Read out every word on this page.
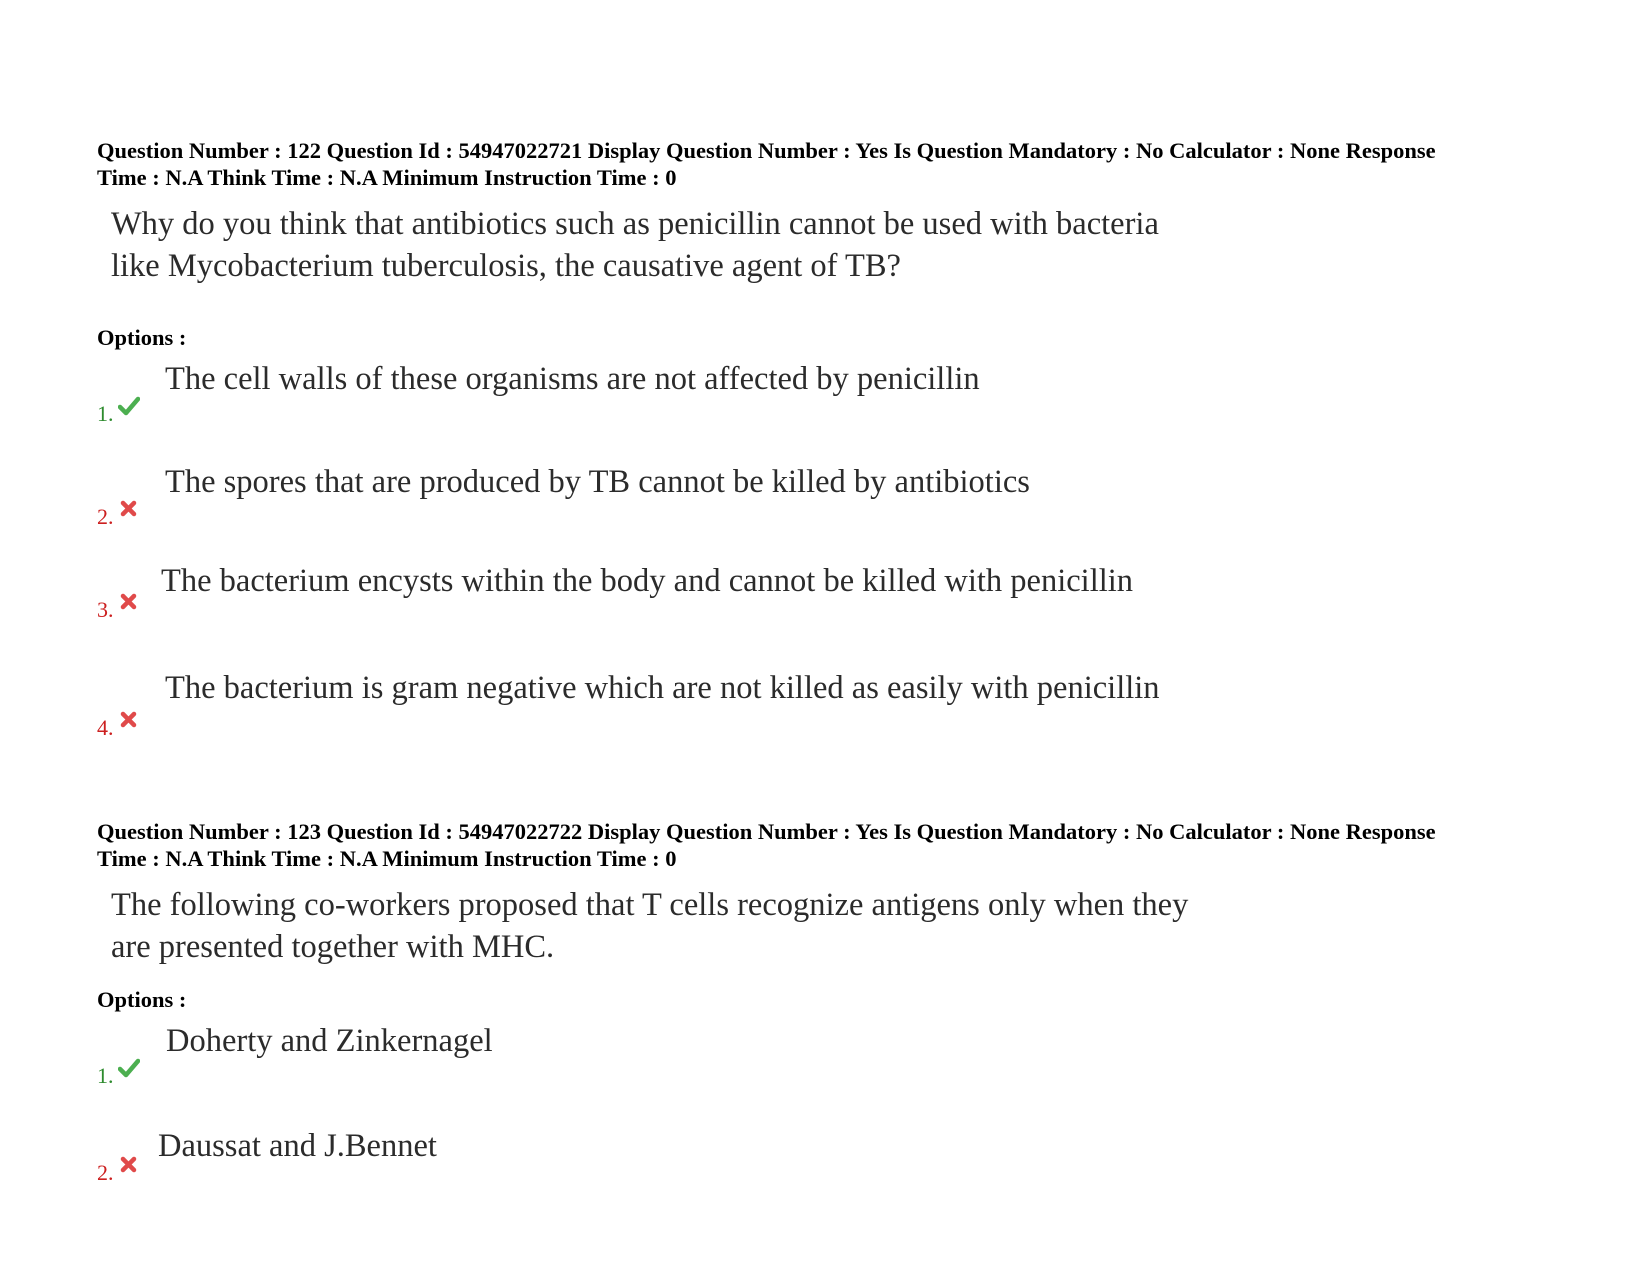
Question Number : 122 Question Id : 54947022721 Display Question Number : Yes Is Question Mandatory : No Calculator : None Response
Time : N.A Think Time : N.A Minimum Instruction Time : 0
Why do you think that antibiotics such as penicillin cannot be used with bacteria
like Mycobacterium tuberculosis, the causative agent of TB?
Options :
1.
The cell walls of these organisms are not affected by penicillin
2.
The spores that are produced by TB cannot be killed by antibiotics
3.
The bacterium encysts within the body and cannot be killed with penicillin
4.
The bacterium is gram negative which are not killed as easily with penicillin
Question Number : 123 Question Id : 54947022722 Display Question Number : Yes Is Question Mandatory : No Calculator : None Response
Time : N.A Think Time : N.A Minimum Instruction Time : 0
The following co-workers proposed that T cells recognize antigens only when they
are presented together with MHC.
Options :
1.
Doherty and Zinkernagel
2.
Daussat and J.Bennet
